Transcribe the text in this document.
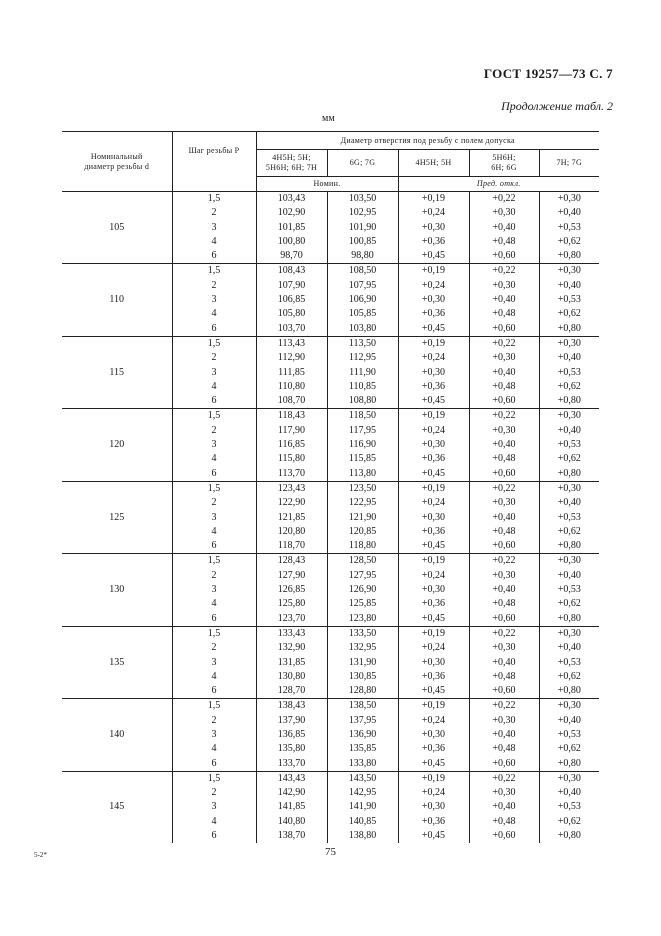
ГОСТ 19257—73 С. 7
Продолжение табл. 2
мм
Номинальный диаметр резьбы d	Шаг резьбы P	Диаметр отверстия под резьбу с полем допуска				
		4H5H; 5H; 5H6H; 6H; 7H	6G; 7G	4H5H; 5H	5H6H; 6H; 6G	7H; 7G
		Номин.		Пред. откл.		
105	1,5	103,43	103,50	+0,19	+0,22	+0,30
	2	102,90	102,95	+0,24	+0,30	+0,40
	3	101,85	101,90	+0,30	+0,40	+0,53
	4	100,80	100,85	+0,36	+0,48	+0,62
	6	98,70	98,80	+0,45	+0,60	+0,80
110	1,5	108,43	108,50	+0,19	+0,22	+0,30
	2	107,90	107,95	+0,24	+0,30	+0,40
	3	106,85	106,90	+0,30	+0,40	+0,53
	4	105,80	105,85	+0,36	+0,48	+0,62
	6	103,70	103,80	+0,45	+0,60	+0,80
115	1,5	113,43	113,50	+0,19	+0,22	+0,30
	2	112,90	112,95	+0,24	+0,30	+0,40
	3	111,85	111,90	+0,30	+0,40	+0,53
	4	110,80	110,85	+0,36	+0,48	+0,62
	6	108,70	108,80	+0,45	+0,60	+0,80
120	1,5	118,43	118,50	+0,19	+0,22	+0,30
	2	117,90	117,95	+0,24	+0,30	+0,40
	3	116,85	116,90	+0,30	+0,40	+0,53
	4	115,80	115,85	+0,36	+0,48	+0,62
	6	113,70	113,80	+0,45	+0,60	+0,80
125	1,5	123,43	123,50	+0,19	+0,22	+0,30
	2	122,90	122,95	+0,24	+0,30	+0,40
	3	121,85	121,90	+0,30	+0,40	+0,53
	4	120,80	120,85	+0,36	+0,48	+0,62
	6	118,70	118,80	+0,45	+0,60	+0,80
130	1,5	128,43	128,50	+0,19	+0,22	+0,30
	2	127,90	127,95	+0,24	+0,30	+0,40
	3	126,85	126,90	+0,30	+0,40	+0,53
	4	125,80	125,85	+0,36	+0,48	+0,62
	6	123,70	123,80	+0,45	+0,60	+0,80
135	1,5	133,43	133,50	+0,19	+0,22	+0,30
	2	132,90	132,95	+0,24	+0,30	+0,40
	3	131,85	131,90	+0,30	+0,40	+0,53
	4	130,80	130,85	+0,36	+0,48	+0,62
	6	128,70	128,80	+0,45	+0,60	+0,80
140	1,5	138,43	138,50	+0,19	+0,22	+0,30
	2	137,90	137,95	+0,24	+0,30	+0,40
	3	136,85	136,90	+0,30	+0,40	+0,53
	4	135,80	135,85	+0,36	+0,48	+0,62
	6	133,70	133,80	+0,45	+0,60	+0,80
145	1,5	143,43	143,50	+0,19	+0,22	+0,30
	2	142,90	142,95	+0,24	+0,30	+0,40
	3	141,85	141,90	+0,30	+0,40	+0,53
	4	140,80	140,85	+0,36	+0,48	+0,62
	6	138,70	138,80	+0,45	+0,60	+0,80
5-2*	75
